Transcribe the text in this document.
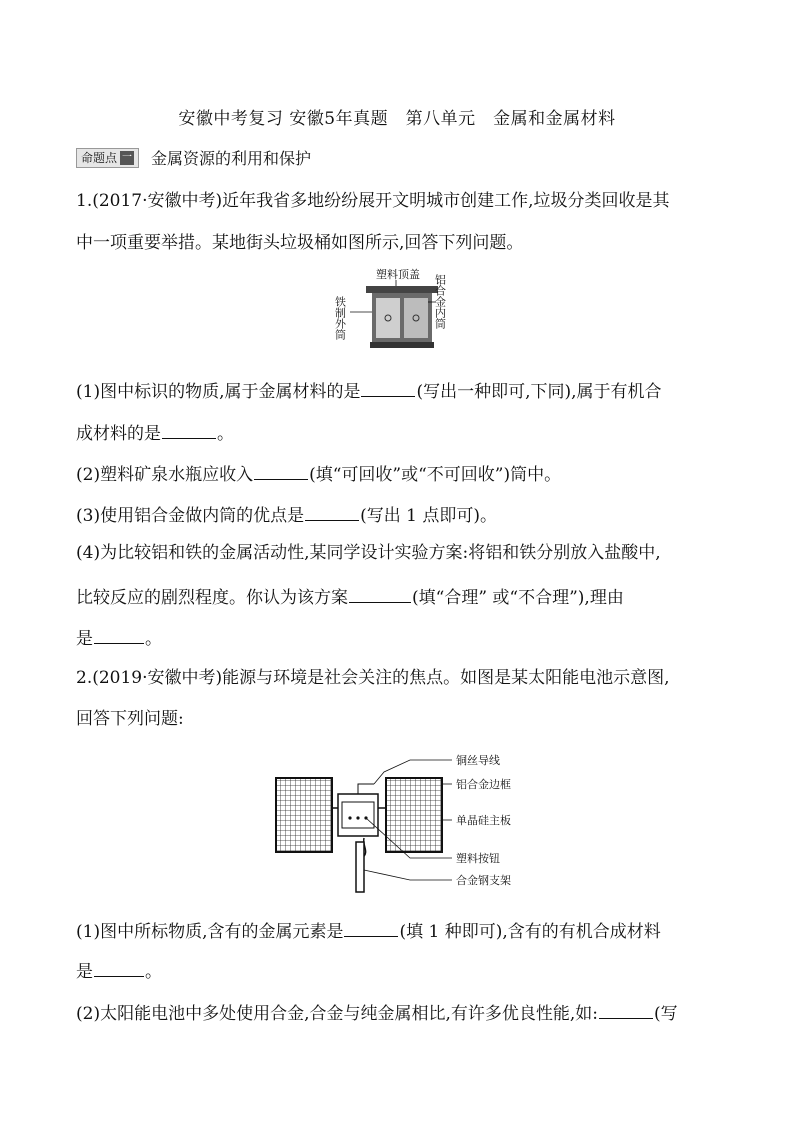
安徽中考复习 安徽5年真题　第八单元　金属和金属材料
命题点 一 金属资源的利用和保护
1.(2017·安徽中考)近年我省多地纷纷展开文明城市创建工作,垃圾分类回收是其
中一项重要举措。某地街头垃圾桶如图所示,回答下列问题。
塑料顶盖
铁制外筒	铝合金内筒
(1)图中标识的物质,属于金属材料的是	(写出一种即可,下同),属于有机合
成材料的是	。
(2)塑料矿泉水瓶应收入	(填“可回收”或“不可回收”)筒中。
(3)使用铝合金做内筒的优点是	(写出 1 点即可)。
(4)为比较铝和铁的金属活动性,某同学设计实验方案:将铝和铁分别放入盐酸中,
比较反应的剧烈程度。你认为该方案	(填“合理” 或“不合理”),理由
是	。
2.(2019·安徽中考)能源与环境是社会关注的焦点。如图是某太阳能电池示意图,
回答下列问题:
铜丝导线
铝合金边框
单晶硅主板
塑料按钮
合金钢支架
(1)图中所标物质,含有的金属元素是	(填 1 种即可),含有的有机合成材料
是	。
(2)太阳能电池中多处使用合金,合金与纯金属相比,有许多优良性能,如:	(写
